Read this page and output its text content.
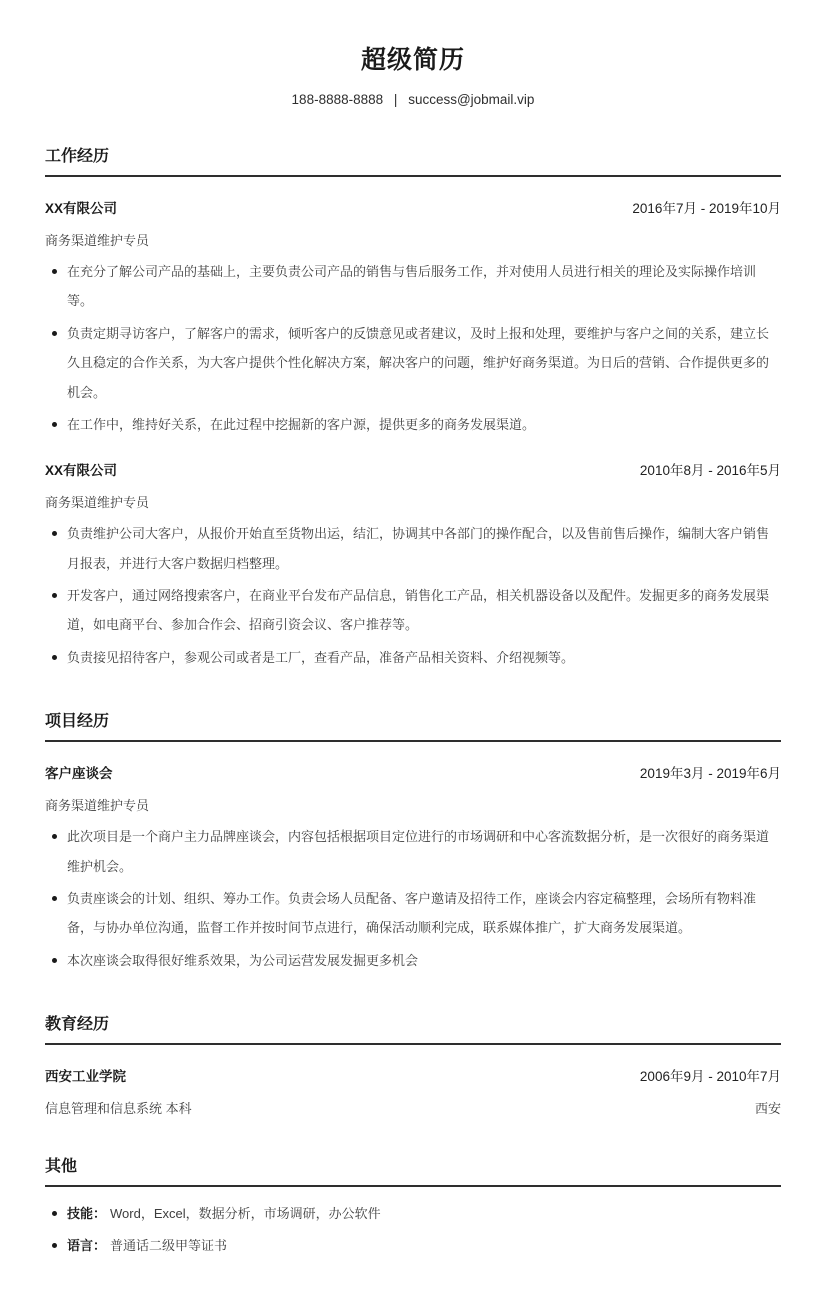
超级简历
188-8888-8888 | success@jobmail.vip
工作经历
XX有限公司	2016年7月 - 2019年10月
商务渠道维护专员
在充分了解公司产品的基础上，主要负责公司产品的销售与售后服务工作，并对使用人员进行相关的理论及实际操作培训等。
负责定期寻访客户，了解客户的需求，倾听客户的反馈意见或者建议，及时上报和处理，要维护与客户之间的关系，建立长久且稳定的合作关系，为大客户提供个性化解决方案，解决客户的问题，维护好商务渠道。为日后的营销、合作提供更多的机会。
在工作中，维持好关系，在此过程中挖掘新的客户源，提供更多的商务发展渠道。
XX有限公司	2010年8月 - 2016年5月
商务渠道维护专员
负责维护公司大客户，从报价开始直至货物出运，结汇，协调其中各部门的操作配合，以及售前售后操作，编制大客户销售月报表，并进行大客户数据归档整理。
开发客户，通过网络搜索客户，在商业平台发布产品信息，销售化工产品，相关机器设备以及配件。发掘更多的商务发展渠道，如电商平台、参加合作会、招商引资会议、客户推荐等。
负责接见招待客户，参观公司或者是工厂，查看产品，准备产品相关资料、介绍视频等。
项目经历
客户座谈会	2019年3月 - 2019年6月
商务渠道维护专员
此次项目是一个商户主力品牌座谈会，内容包括根据项目定位进行的市场调研和中心客流数据分析，是一次很好的商务渠道维护机会。
负责座谈会的计划、组织、筹办工作。负责会场人员配备、客户邀请及招待工作，座谈会内容定稿整理，会场所有物料准备，与协办单位沟通，监督工作并按时间节点进行，确保活动顺利完成，联系媒体推广，扩大商务发展渠道。
本次座谈会取得很好维系效果，为公司运营发展发掘更多机会
教育经历
西安工业学院	2006年9月 - 2010年7月
信息管理和信息系统 本科	西安
其他
技能： Word，Excel，数据分析，市场调研，办公软件
语言： 普通话二级甲等证书
